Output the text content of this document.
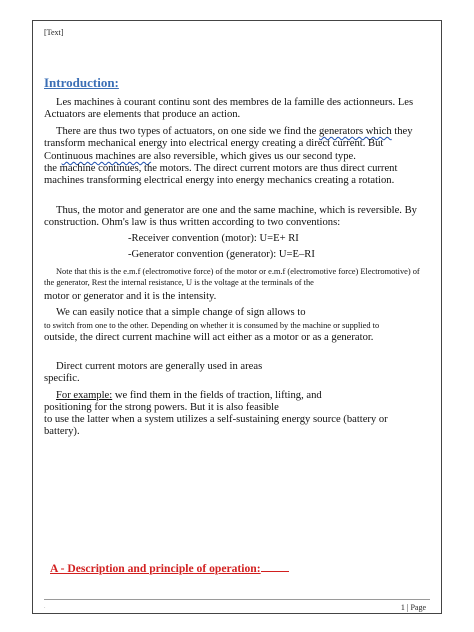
[Text]
Introduction:

Les machines à courant continu sont des membres de la famille des actionneurs. Les Actuators are elements that produce an action.

There are thus two types of actuators, on one side we find the generators which they transform mechanical energy into electrical energy creating a direct current. But Continuous machines are also reversible, which gives us our second type.

the machine continues, the motors. The direct current motors are thus direct current machines transforming electrical energy into energy mechanics creating a rotation.

Thus, the motor and generator are one and the same machine, which is reversible. By construction. Ohm's law is thus written according to two conventions:

-Receiver convention (motor): U=E+ RI
-Generator convention (generator): U=E–RI

Note that this is the e.m.f (electromotive force) of the motor or e.m.f (electromotive force) Electromotive) of the generator, Rest the internal resistance, U is the voltage at the terminals of the

motor or generator and it is the intensity.

We can easily notice that a simple change of sign allows to

to switch from one to the other. Depending on whether it is consumed by the machine or supplied to

outside, the direct current machine will act either as a motor or as a generator.

Direct current motors are generally used in areas specific.

For example: we find them in the fields of traction, lifting, and positioning for the strong powers. But it is also feasible

to use the latter when a system utilizes a self-sustaining energy source (battery or battery).

A - Description and principle of operation:
.	1 | Page
